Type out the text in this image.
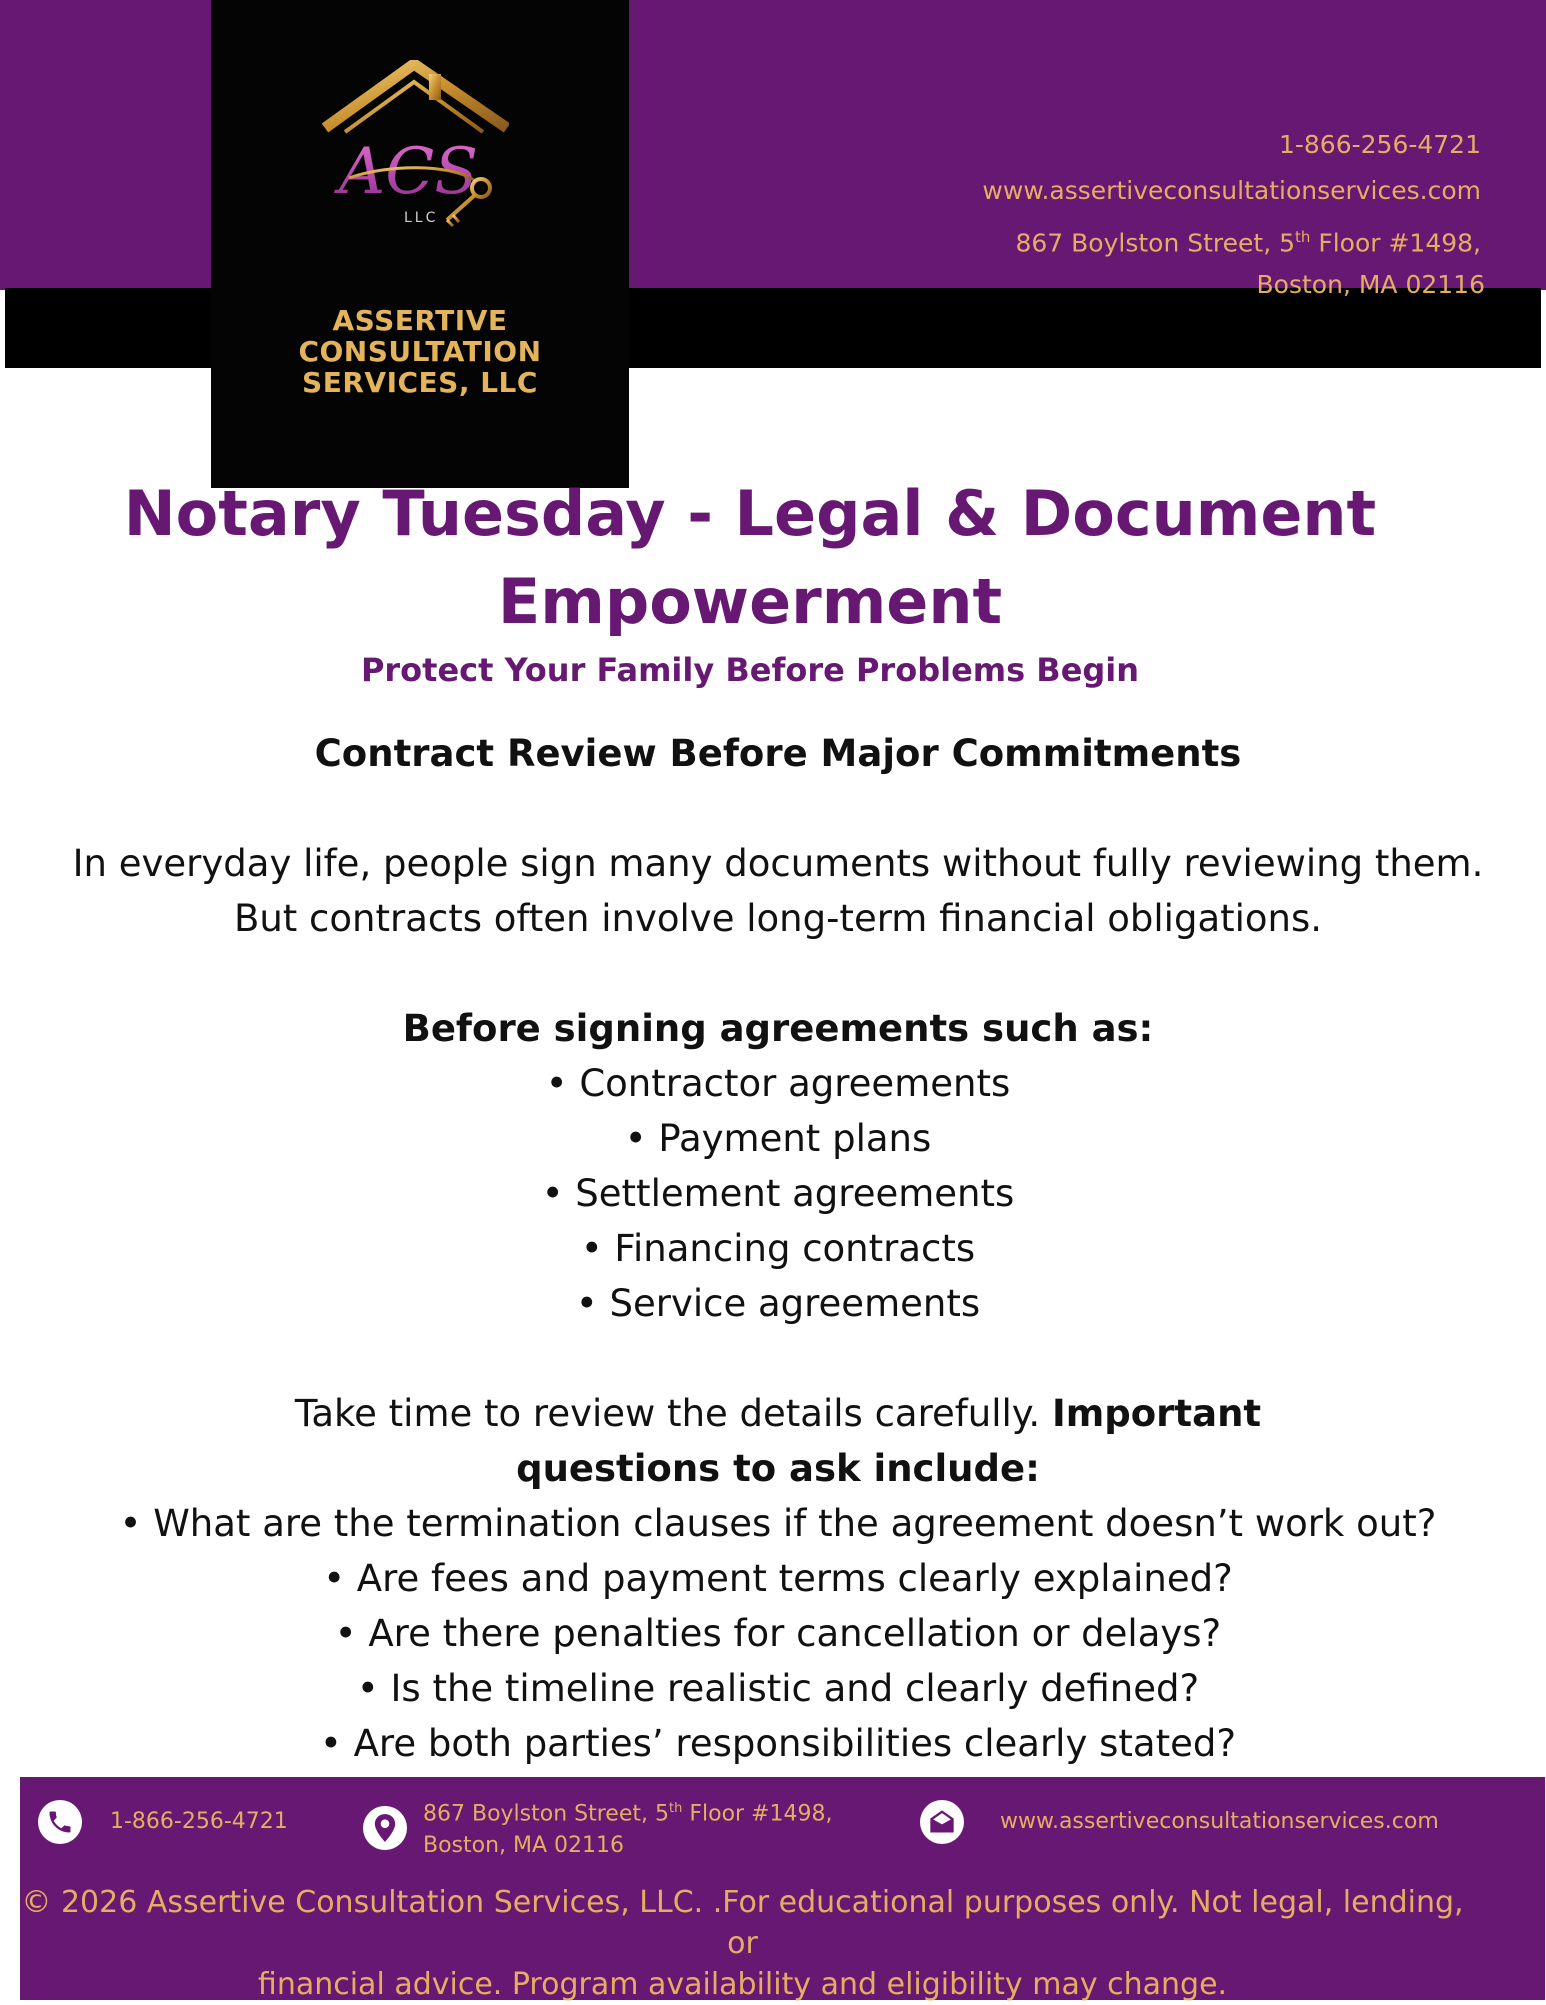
ACS
LLC
ASSERTIVE
CONSULTATION
SERVICES, LLC
1-866-256-4721
www.assertiveconsultationservices.com
867 Boylston Street, 5th Floor #1498,
Boston, MA 02116
Notary Tuesday - Legal & Document Empowerment
Protect Your Family Before Problems Begin

Contract Review Before Major Commitments

In everyday life, people sign many documents without fully reviewing them.

But contracts often involve long-term financial obligations.

Before signing agreements such as:

• Contractor agreements

• Payment plans

• Settlement agreements

• Financing contracts

• Service agreements

Take time to review the details carefully. Important questions to ask include:

• What are the termination clauses if the agreement doesn’t work out?

• Are fees and payment terms clearly explained?

• Are there penalties for cancellation or delays?

• Is the timeline realistic and clearly defined?

• Are both parties’ responsibilities clearly stated?

1-866-256-4721	867 Boylston Street, 5th Floor #1498,
Boston, MA 02116
www.assertiveconsultationservices.com
© 2026 Assertive Consultation Services, LLC. .For educational purposes only. Not legal, lending, or
financial advice. Program availability and eligibility may change.
